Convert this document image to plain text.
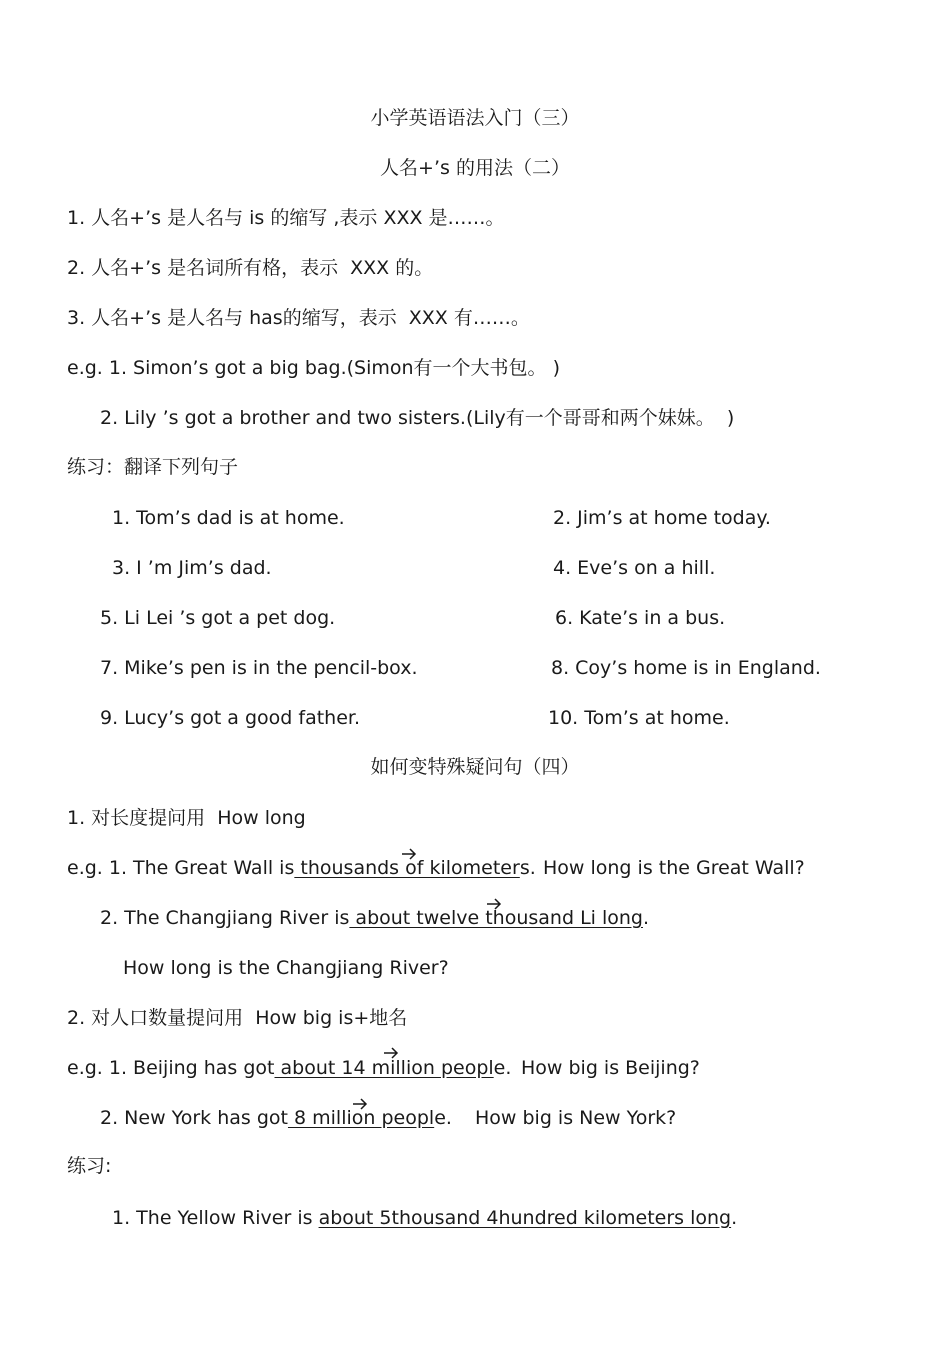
小学英语语法入门（三）
人名+’s 的用法（二）
1. 人名+’s 是人名与 is 的缩写 ,表示 XXX 是……。
2. 人名+’s 是名词所有格，表示  XXX 的。
3. 人名+’s 是人名与 has的缩写，表示  XXX 有……。
e.g. 1. Simon’s got a big bag.(Simon有一个大书包。 )
2. Lily ’s got a brother and two sisters.(Lily有一个哥哥和两个妹妹。  )
练习：翻译下列句子
1. Tom’s dad is at home.	2. Jim’s at home today.
3. I ’m Jim’s dad.	4. Eve’s on a hill.
5. Li Lei ’s got a pet dog.	6. Kate’s in a bus.
7. Mike’s pen is in the pencil-box.	8. Coy’s home is in England.
9. Lucy’s got a good father.	10. Tom’s at home.
如何变特殊疑问句（四）
1. 对长度提问用  How long
e.g. 1. The Great Wall is thousands of kilometers. How long is the Great Wall?
2. The Changjiang River is about twelve thousand Li long.
How long is the Changjiang River?
2. 对人口数量提问用  How big is+地名
e.g. 1. Beijing has got about 14 million people. How big is Beijing?
2. New York has got 8 million people. How big is New York?
练习:
1. The Yellow River is about 5thousand 4hundred kilometers long.
